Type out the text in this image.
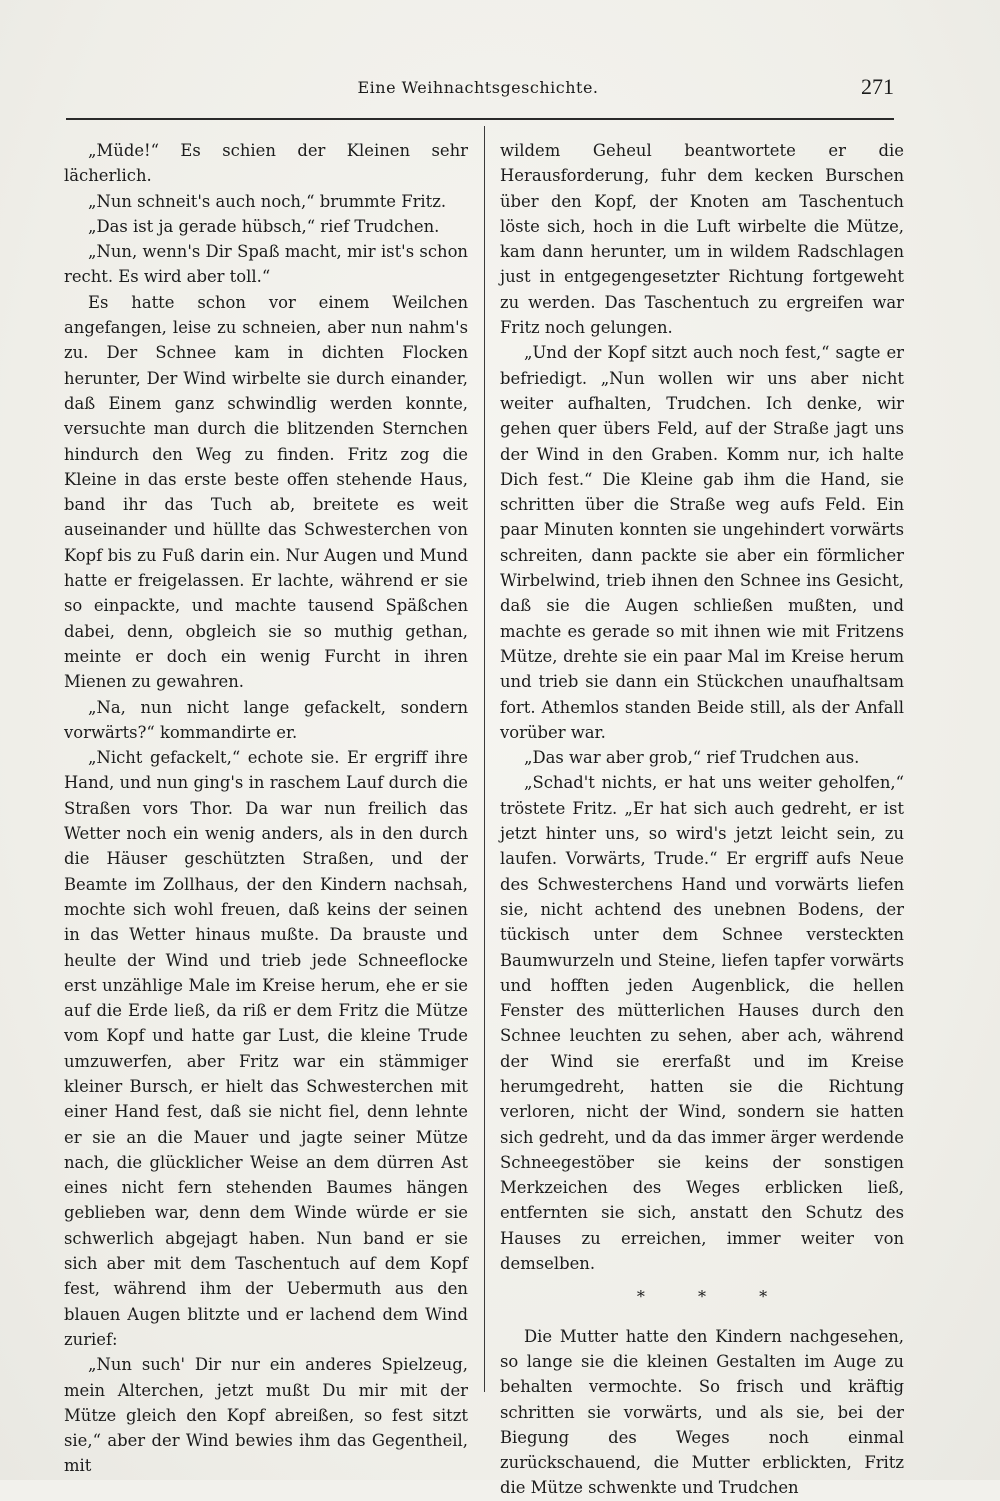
Eine Weihnachtsgeschichte.	271

„Müde!“ Es schien der Kleinen sehr lächerlich.

„Nun schneit's auch noch,“ brummte Fritz.

„Das ist ja gerade hübsch,“ rief Trudchen.

„Nun, wenn's Dir Spaß macht, mir ist's schon recht. Es wird aber toll.“

Es hatte schon vor einem Weilchen angefangen, leise zu schneien, aber nun nahm's zu. Der Schnee kam in dichten Flocken herunter, Der Wind wirbelte sie durch einander, daß Einem ganz schwindlig werden konnte, versuchte man durch die blitzenden Sternchen hindurch den Weg zu finden. Fritz zog die Kleine in das erste beste offen stehende Haus, band ihr das Tuch ab, breitete es weit auseinander und hüllte das Schwesterchen von Kopf bis zu Fuß darin ein. Nur Augen und Mund hatte er freigelassen. Er lachte, während er sie so einpackte, und machte tausend Späßchen dabei, denn, obgleich sie so muthig gethan, meinte er doch ein wenig Furcht in ihren Mienen zu gewahren.

„Na, nun nicht lange gefackelt, sondern vorwärts?“ kommandirte er.

„Nicht gefackelt,“ echote sie. Er ergriff ihre Hand, und nun ging's in raschem Lauf durch die Straßen vors Thor. Da war nun freilich das Wetter noch ein wenig anders, als in den durch die Häuser geschützten Straßen, und der Beamte im Zollhaus, der den Kindern nachsah, mochte sich wohl freuen, daß keins der seinen in das Wetter hinaus mußte. Da brauste und heulte der Wind und trieb jede Schneeflocke erst unzählige Male im Kreise herum, ehe er sie auf die Erde ließ, da riß er dem Fritz die Mütze vom Kopf und hatte gar Lust, die kleine Trude umzuwerfen, aber Fritz war ein stämmiger kleiner Bursch, er hielt das Schwesterchen mit einer Hand fest, daß sie nicht fiel, denn lehnte er sie an die Mauer und jagte seiner Mütze nach, die glücklicher Weise an dem dürren Ast eines nicht fern stehenden Baumes hängen geblieben war, denn dem Winde würde er sie schwerlich abgejagt haben. Nun band er sie sich aber mit dem Taschentuch auf dem Kopf fest, während ihm der Uebermuth aus den blauen Augen blitzte und er lachend dem Wind zurief:

„Nun such' Dir nur ein anderes Spielzeug, mein Alterchen, jetzt mußt Du mir mit der Mütze gleich den Kopf abreißen, so fest sitzt sie,“ aber der Wind bewies ihm das Gegentheil, mit

wildem Geheul beantwortete er die Herausforderung, fuhr dem kecken Burschen über den Kopf, der Knoten am Taschentuch löste sich, hoch in die Luft wirbelte die Mütze, kam dann herunter, um in wildem Radschlagen just in entgegengesetzter Richtung fortgeweht zu werden. Das Taschentuch zu ergreifen war Fritz noch gelungen.

„Und der Kopf sitzt auch noch fest,“ sagte er befriedigt. „Nun wollen wir uns aber nicht weiter aufhalten, Trudchen. Ich denke, wir gehen quer übers Feld, auf der Straße jagt uns der Wind in den Graben. Komm nur, ich halte Dich fest.“ Die Kleine gab ihm die Hand, sie schritten über die Straße weg aufs Feld. Ein paar Minuten konnten sie ungehindert vorwärts schreiten, dann packte sie aber ein förmlicher Wirbelwind, trieb ihnen den Schnee ins Gesicht, daß sie die Augen schließen mußten, und machte es gerade so mit ihnen wie mit Fritzens Mütze, drehte sie ein paar Mal im Kreise herum und trieb sie dann ein Stückchen unaufhaltsam fort. Athemlos standen Beide still, als der Anfall vorüber war.

„Das war aber grob,“ rief Trudchen aus.

„Schad't nichts, er hat uns weiter geholfen,“ tröstete Fritz. „Er hat sich auch gedreht, er ist jetzt hinter uns, so wird's jetzt leicht sein, zu laufen. Vorwärts, Trude.“ Er ergriff aufs Neue des Schwesterchens Hand und vorwärts liefen sie, nicht achtend des unebnen Bodens, der tückisch unter dem Schnee versteckten Baumwurzeln und Steine, liefen tapfer vorwärts und hofften jeden Augenblick, die hellen Fenster des mütterlichen Hauses durch den Schnee leuchten zu sehen, aber ach, während der Wind sie ererfaßt und im Kreise herumgedreht, hatten sie die Richtung verloren, nicht der Wind, sondern sie hatten sich gedreht, und da das immer ärger werdende Schneegestöber sie keins der sonstigen Merkzeichen des Weges erblicken ließ, entfernten sie sich, anstatt den Schutz des Hauses zu erreichen, immer weiter von demselben.

* * *

Die Mutter hatte den Kindern nachgesehen, so lange sie die kleinen Gestalten im Auge zu behalten vermochte. So frisch und kräftig schritten sie vorwärts, und als sie, bei der Biegung des Weges noch einmal zurückschauend, die Mutter erblickten, Fritz die Mütze schwenkte und Trudchen
